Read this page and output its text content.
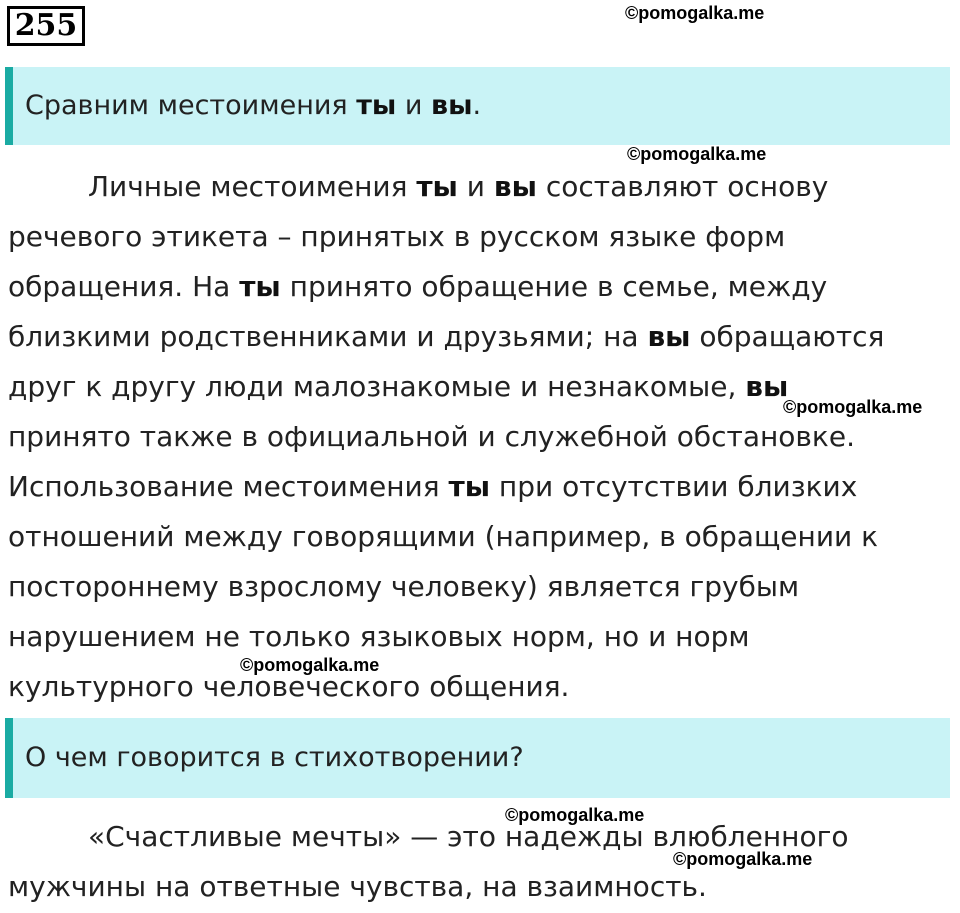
255	©pomogalka.me
Сравним местоимения ты и вы.
©pomogalka.me
Личные местоимения ты и вы составляют основу
речевого этикета – принятых в русском языке форм
обращения. На ты принято обращение в семье, между
близкими родственниками и друзьями; на вы обращаются
друг к другу люди малознакомые и незнакомые, вы
принято также в официальной и служебной обстановке.
Использование местоимения ты при отсутствии близких
отношений между говорящими (например, в обращении к
постороннему взрослому человеку) является грубым
нарушением не только языковых норм, но и норм
культурного человеческого общения.
©pomogalka.me
©pomogalka.me
О чем говорится в стихотворении?
©pomogalka.me
«Счастливые мечты» — это надежды влюбленного
мужчины на ответные чувства, на взаимность.
©pomogalka.me
